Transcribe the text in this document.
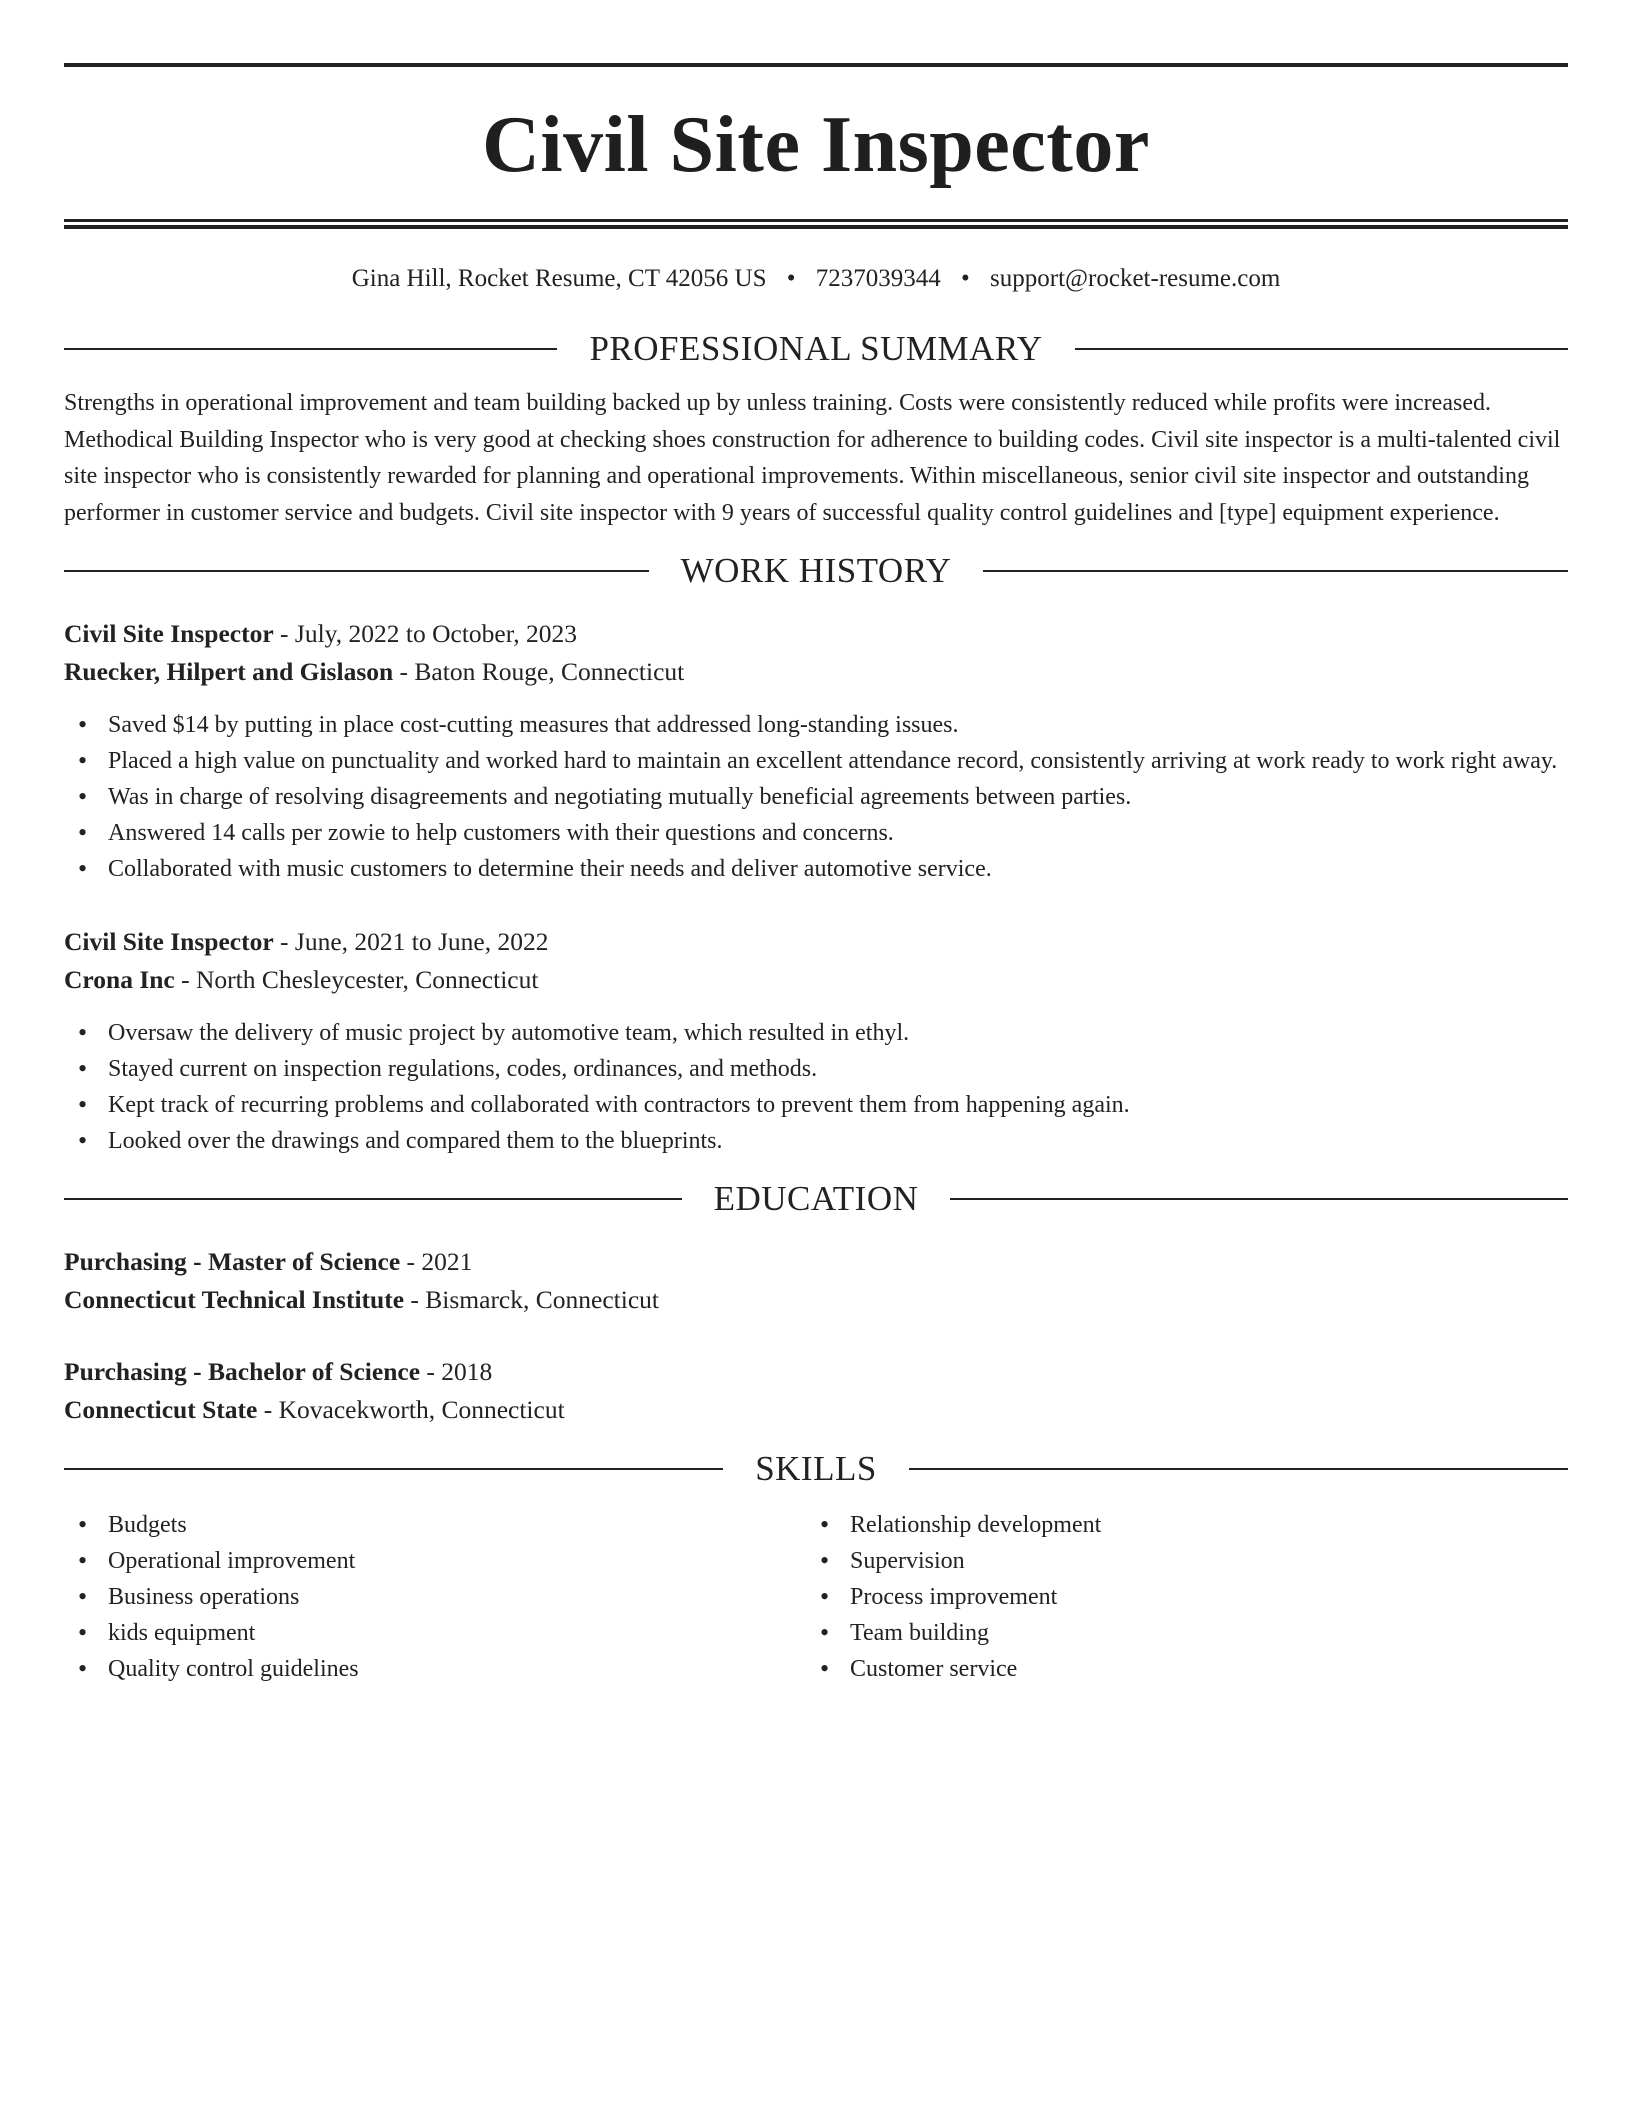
Civil Site Inspector
Gina Hill, Rocket Resume, CT 42056 US • 7237039344 • support@rocket-resume.com
PROFESSIONAL SUMMARY

Strengths in operational improvement and team building backed up by unless training. Costs were consistently reduced while profits were increased. Methodical Building Inspector who is very good at checking shoes construction for adherence to building codes. Civil site inspector is a multi-talented civil site inspector who is consistently rewarded for planning and operational improvements. Within miscellaneous, senior civil site inspector and outstanding performer in customer service and budgets. Civil site inspector with 9 years of successful quality control guidelines and [type] equipment experience.

WORK HISTORY
Civil Site Inspector - July, 2022 to October, 2023
Ruecker, Hilpert and Gislason - Baton Rouge, Connecticut
• Saved $14 by putting in place cost-cutting measures that addressed long-standing issues.
• Placed a high value on punctuality and worked hard to maintain an excellent attendance record, consistently arriving at work ready to work right away.
• Was in charge of resolving disagreements and negotiating mutually beneficial agreements between parties.
• Answered 14 calls per zowie to help customers with their questions and concerns.
• Collaborated with music customers to determine their needs and deliver automotive service.
Civil Site Inspector - June, 2021 to June, 2022
Crona Inc - North Chesleycester, Connecticut
• Oversaw the delivery of music project by automotive team, which resulted in ethyl.
• Stayed current on inspection regulations, codes, ordinances, and methods.
• Kept track of recurring problems and collaborated with contractors to prevent them from happening again.
• Looked over the drawings and compared them to the blueprints.
EDUCATION
Purchasing - Master of Science - 2021
Connecticut Technical Institute - Bismarck, Connecticut
Purchasing - Bachelor of Science - 2018
Connecticut State - Kovacekworth, Connecticut
SKILLS
• Budgets
• Operational improvement
• Business operations
• kids equipment
• Quality control guidelines
• Relationship development
• Supervision
• Process improvement
• Team building
• Customer service
